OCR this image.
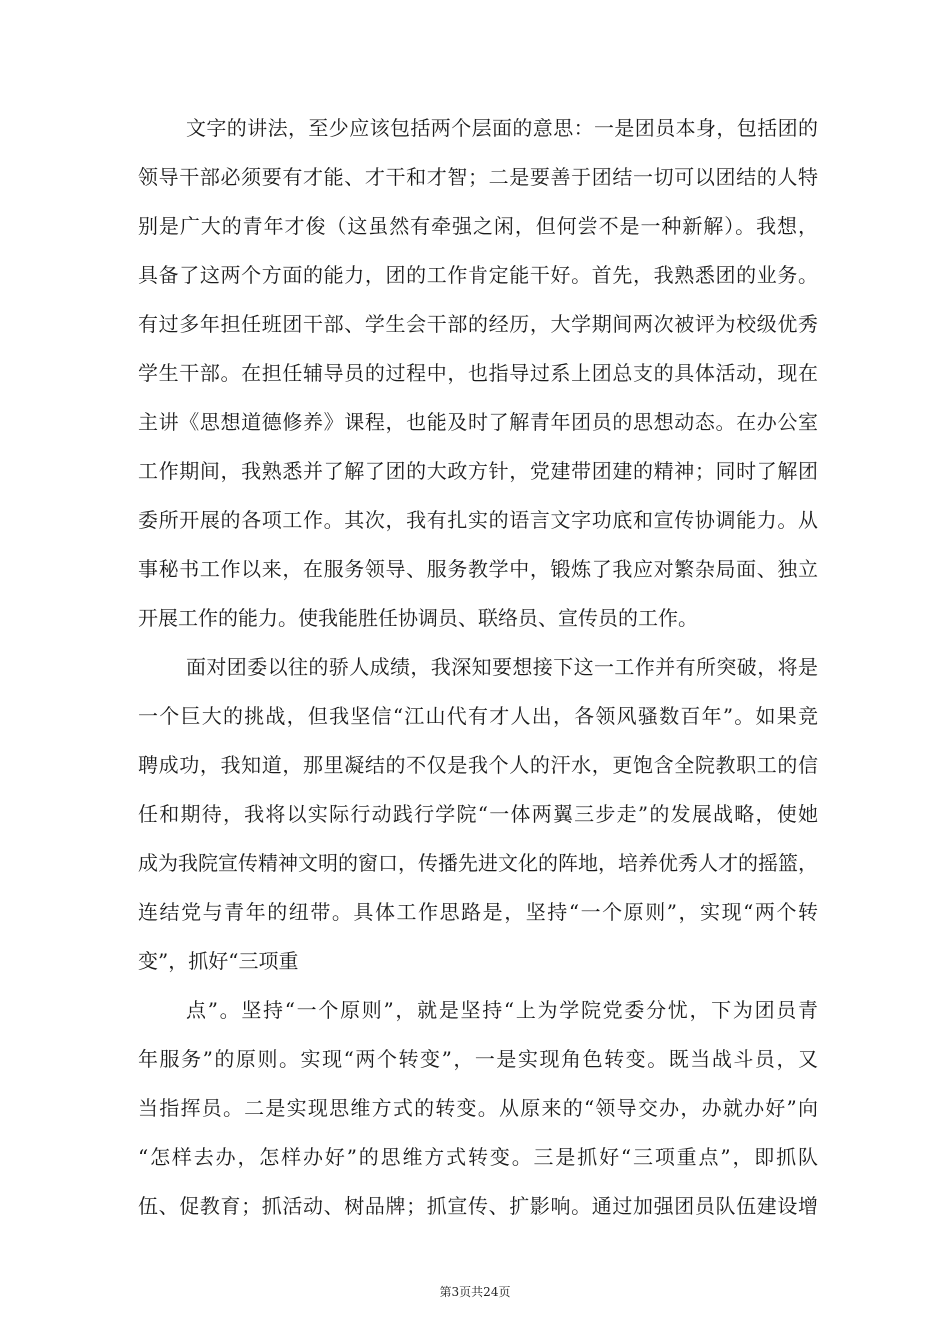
文字的讲法，至少应该包括两个层面的意思：一是团员本身，包括团的
领导干部必须要有才能、才干和才智；二是要善于团结一切可以团结的人特
别是广大的青年才俊（这虽然有牵强之闲，但何尝不是一种新解）。我想，
具备了这两个方面的能力，团的工作肯定能干好。首先，我熟悉团的业务。
有过多年担任班团干部、学生会干部的经历，大学期间两次被评为校级优秀
学生干部。在担任辅导员的过程中，也指导过系上团总支的具体活动，现在
主讲《思想道德修养》课程，也能及时了解青年团员的思想动态。在办公室
工作期间，我熟悉并了解了团的大政方针，党建带团建的精神；同时了解团
委所开展的各项工作。其次，我有扎实的语言文字功底和宣传协调能力。从
事秘书工作以来，在服务领导、服务教学中，锻炼了我应对繁杂局面、独立
开展工作的能力。使我能胜任协调员、联络员、宣传员的工作。
面对团委以往的骄人成绩，我深知要想接下这一工作并有所突破，将是
一个巨大的挑战，但我坚信“江山代有才人出，各领风骚数百年”。如果竞
聘成功，我知道，那里凝结的不仅是我个人的汗水，更饱含全院教职工的信
任和期待，我将以实际行动践行学院“一体两翼三步走”的发展战略，使她
成为我院宣传精神文明的窗口，传播先进文化的阵地，培养优秀人才的摇篮，
连结党与青年的纽带。具体工作思路是，坚持“一个原则”，实现“两个转
变”，抓好“三项重
点”。坚持“一个原则”，就是坚持“上为学院党委分忧，下为团员青
年服务”的原则。实现“两个转变”，一是实现角色转变。既当战斗员，又
当指挥员。二是实现思维方式的转变。从原来的“领导交办，办就办好”向
“怎样去办，怎样办好”的思维方式转变。三是抓好“三项重点”，即抓队
伍、促教育；抓活动、树品牌；抓宣传、扩影响。通过加强团员队伍建设增
第3页共24页
